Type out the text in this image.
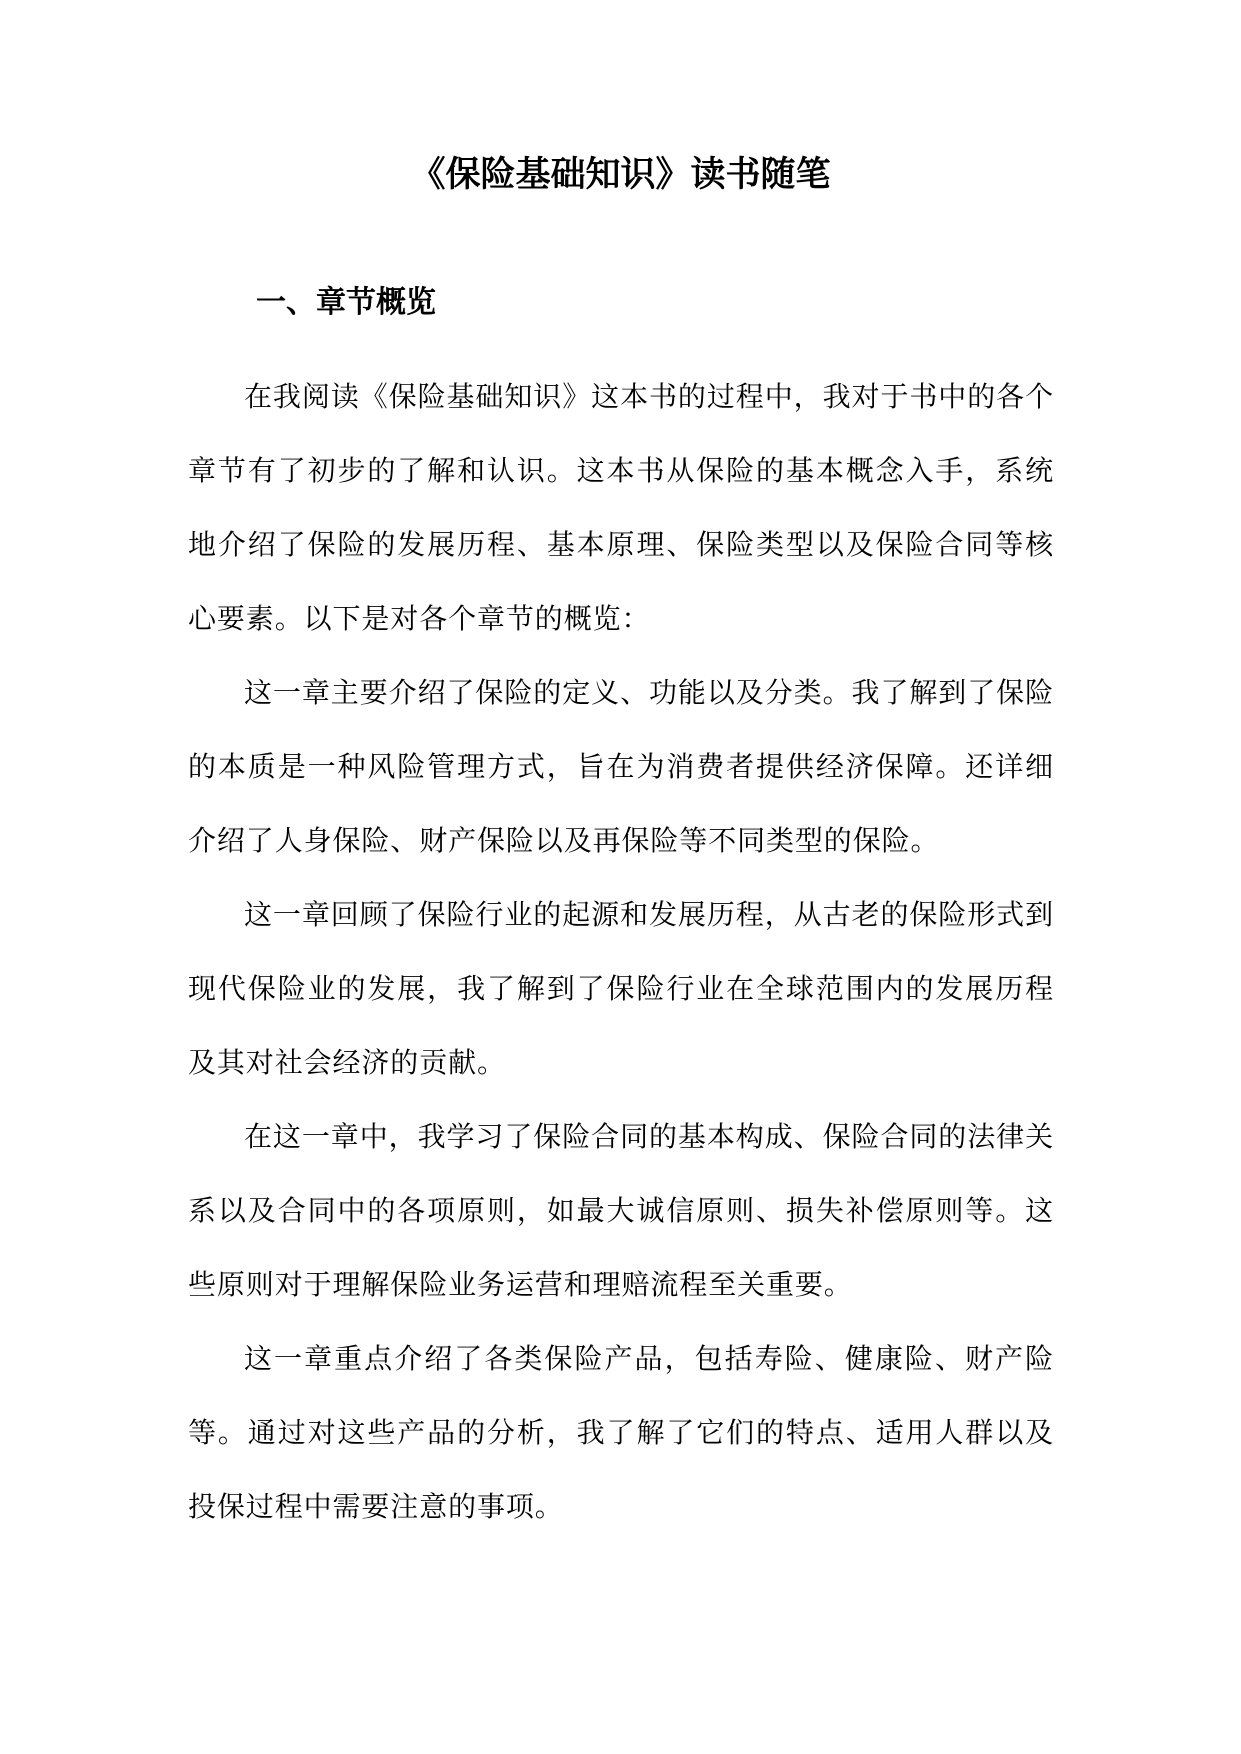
《保险基础知识》读书随笔
一、章节概览

在我阅读《保险基础知识》这本书的过程中，我对于书中的各个章节有了初步的了解和认识。这本书从保险的基本概念入手，系统地介绍了保险的发展历程、基本原理、保险类型以及保险合同等核心要素。以下是对各个章节的概览：

这一章主要介绍了保险的定义、功能以及分类。我了解到了保险的本质是一种风险管理方式，旨在为消费者提供经济保障。还详细介绍了人身保险、财产保险以及再保险等不同类型的保险。

这一章回顾了保险行业的起源和发展历程，从古老的保险形式到现代保险业的发展，我了解到了保险行业在全球范围内的发展历程及其对社会经济的贡献。

在这一章中，我学习了保险合同的基本构成、保险合同的法律关系以及合同中的各项原则，如最大诚信原则、损失补偿原则等。这些原则对于理解保险业务运营和理赔流程至关重要。

这一章重点介绍了各类保险产品，包括寿险、健康险、财产险等。通过对这些产品的分析，我了解了它们的特点、适用人群以及投保过程中需要注意的事项。
